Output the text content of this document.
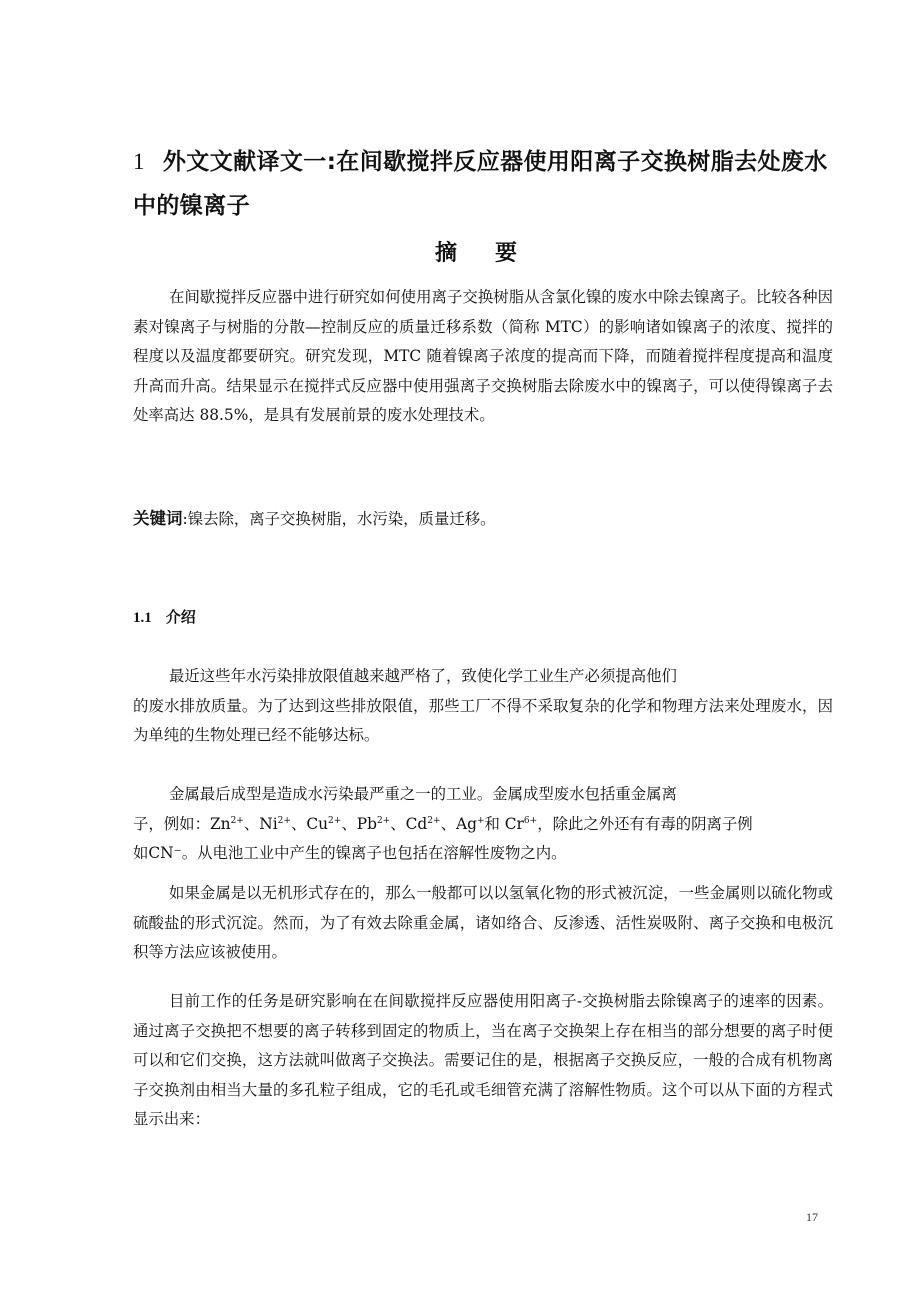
1 外文文献译文一:在间歇搅拌反应器使用阳离子交换树脂去处废水中的镍离子
摘要

在间歇搅拌反应器中进行研究如何使用离子交换树脂从含氯化镍的废水中除去镍离子。比较各种因素对镍离子与树脂的分散—控制反应的质量迁移系数（简称 MTC）的影响诸如镍离子的浓度、搅拌的程度以及温度都要研究。研究发现，MTC 随着镍离子浓度的提高而下降，而随着搅拌程度提高和温度升高而升高。结果显示在搅拌式反应器中使用强离子交换树脂去除废水中的镍离子，可以使得镍离子去处率高达 88.5%，是具有发展前景的废水处理技术。

关键词:镍去除，离子交换树脂，水污染，质量迁移。
1.1 介绍

最近这些年水污染排放限值越来越严格了，致使化学工业生产必须提高他们
的废水排放质量。为了达到这些排放限值，那些工厂不得不采取复杂的化学和物理方法来处理废水，因为单纯的生物处理已经不能够达标。

金属最后成型是造成水污染最严重之一的工业。金属成型废水包括重金属离
子，例如：$Zn^{2+}$、$Ni^{2+}$、$Cu^{2+}$、$Pb^{2+}$、$Cd^{2+}$、Ag+和 $Cr^{6+}$，除此之外还有有毒的阴离子例
如CN⁻。从电池工业中产生的镍离子也包括在溶解性废物之内。

如果金属是以无机形式存在的，那么一般都可以以氢氧化物的形式被沉淀，一些金属则以硫化物或硫酸盐的形式沉淀。然而，为了有效去除重金属，诸如络合、反渗透、活性炭吸附、离子交换和电极沉积等方法应该被使用。

目前工作的任务是研究影响在在间歇搅拌反应器使用阳离子-交换树脂去除镍离子的速率的因素。通过离子交换把不想要的离子转移到固定的物质上，当在离子交换架上存在相当的部分想要的离子时便可以和它们交换，这方法就叫做离子交换法。需要记住的是，根据离子交换反应，一般的合成有机物离子交换剂由相当大量的多孔粒子组成，它的毛孔或毛细管充满了溶解性物质。这个可以从下面的方程式显示出来：

17
